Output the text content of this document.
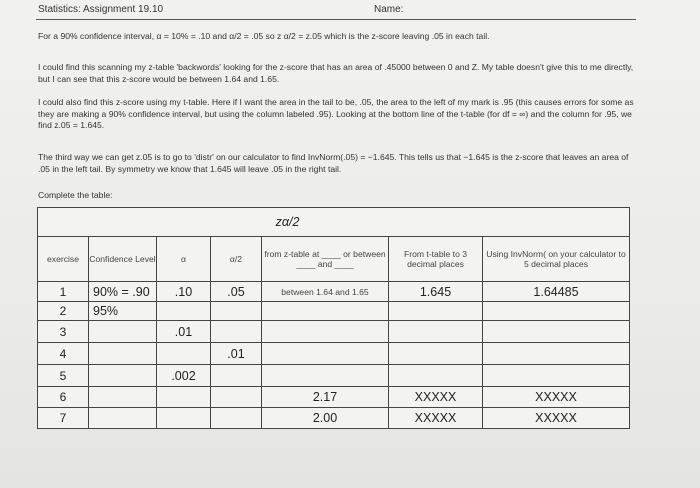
Statistics: Assignment 19.10	Name:
For a 90% confidence interval, α = 10% = .10 and α/2 = .05 so z α/2 = z.05 which is the z-score leaving .05 in each tail.
I could find this scanning my z-table 'backwords' looking for the z-score that has an area of .45000 between 0 and Z. My table doesn't give this to me directly, but I can see that this z-score would be between 1.64 and 1.65.
I could also find this z-score using my t-table. Here if I want the area in the tail to be, .05, the area to the left of my mark is .95 (this causes errors for some as they are making a 90% confidence interval, but using the column labeled .95). Looking at the bottom line of the t-table (for df = ∞) and the column for .95, we find z.05 = 1.645.
The third way we can get z.05 is to go to 'distr' on our calculator to find InvNorm(.05) = −1.645. This tells us that −1.645 is the z-score that leaves an area of .05 in the left tail. By symmetry we know that 1.645 will leave .05 in the right tail.
Complete the table:
zα/2						
exercise	Confidence Level	α	α/2	from z-table at ____ or between ____ and ____	From t-table to 3 decimal places	Using InvNorm( on your calculator to 5 decimal places
1	90% = .90	.10	.05	between 1.64 and 1.65	1.645	1.64485
2	95%					
3		.01				
4			.01			
5		.002				
6				2.17	XXXXX	XXXXX
7				2.00	XXXXX	XXXXX
